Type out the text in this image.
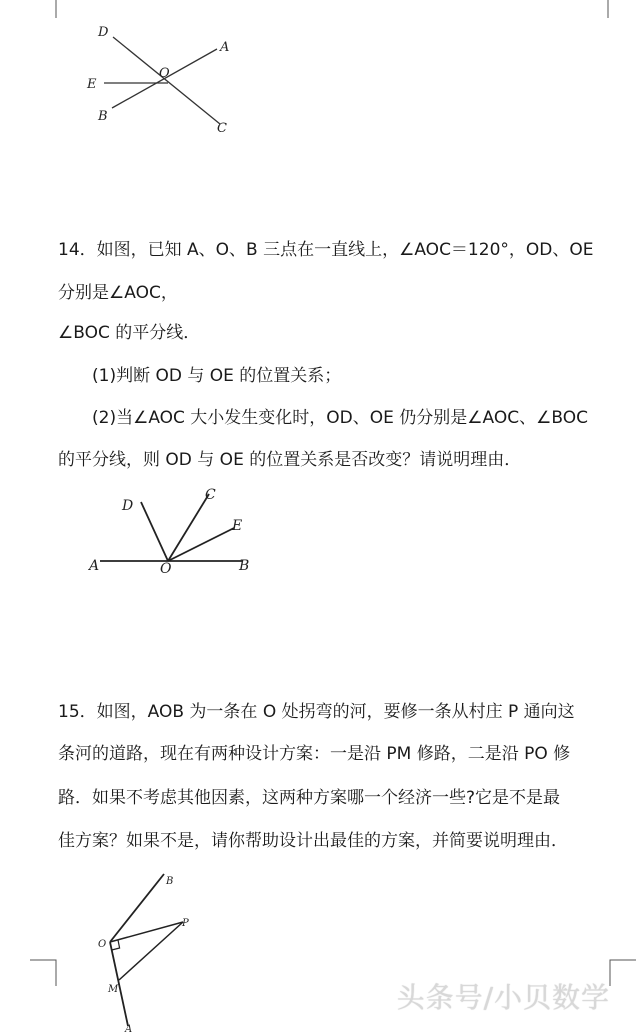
D
A
O
E
B
C
14．如图，已知 A、O、B 三点在一直线上，∠AOC＝120°，OD、OE
分别是∠AOC，
∠BOC 的平分线．
(1)判断 OD 与 OE 的位置关系；
(2)当∠AOC 大小发生变化时，OD、OE 仍分别是∠AOC、∠BOC
的平分线，则 OD 与 OE 的位置关系是否改变？请说明理由．
D
C
E
A	O	B
15．如图，AOB 为一条在 O 处拐弯的河，要修一条从村庄 P 通向这
条河的道路，现在有两种设计方案：一是沿 PM 修路，二是沿 PO 修
路．如果不考虑其他因素，这两种方案哪一个经济一些?它是不是最
佳方案？如果不是，请你帮助设计出最佳的方案，并简要说明理由．
B
P
O
M
A
头条号/小贝数学
